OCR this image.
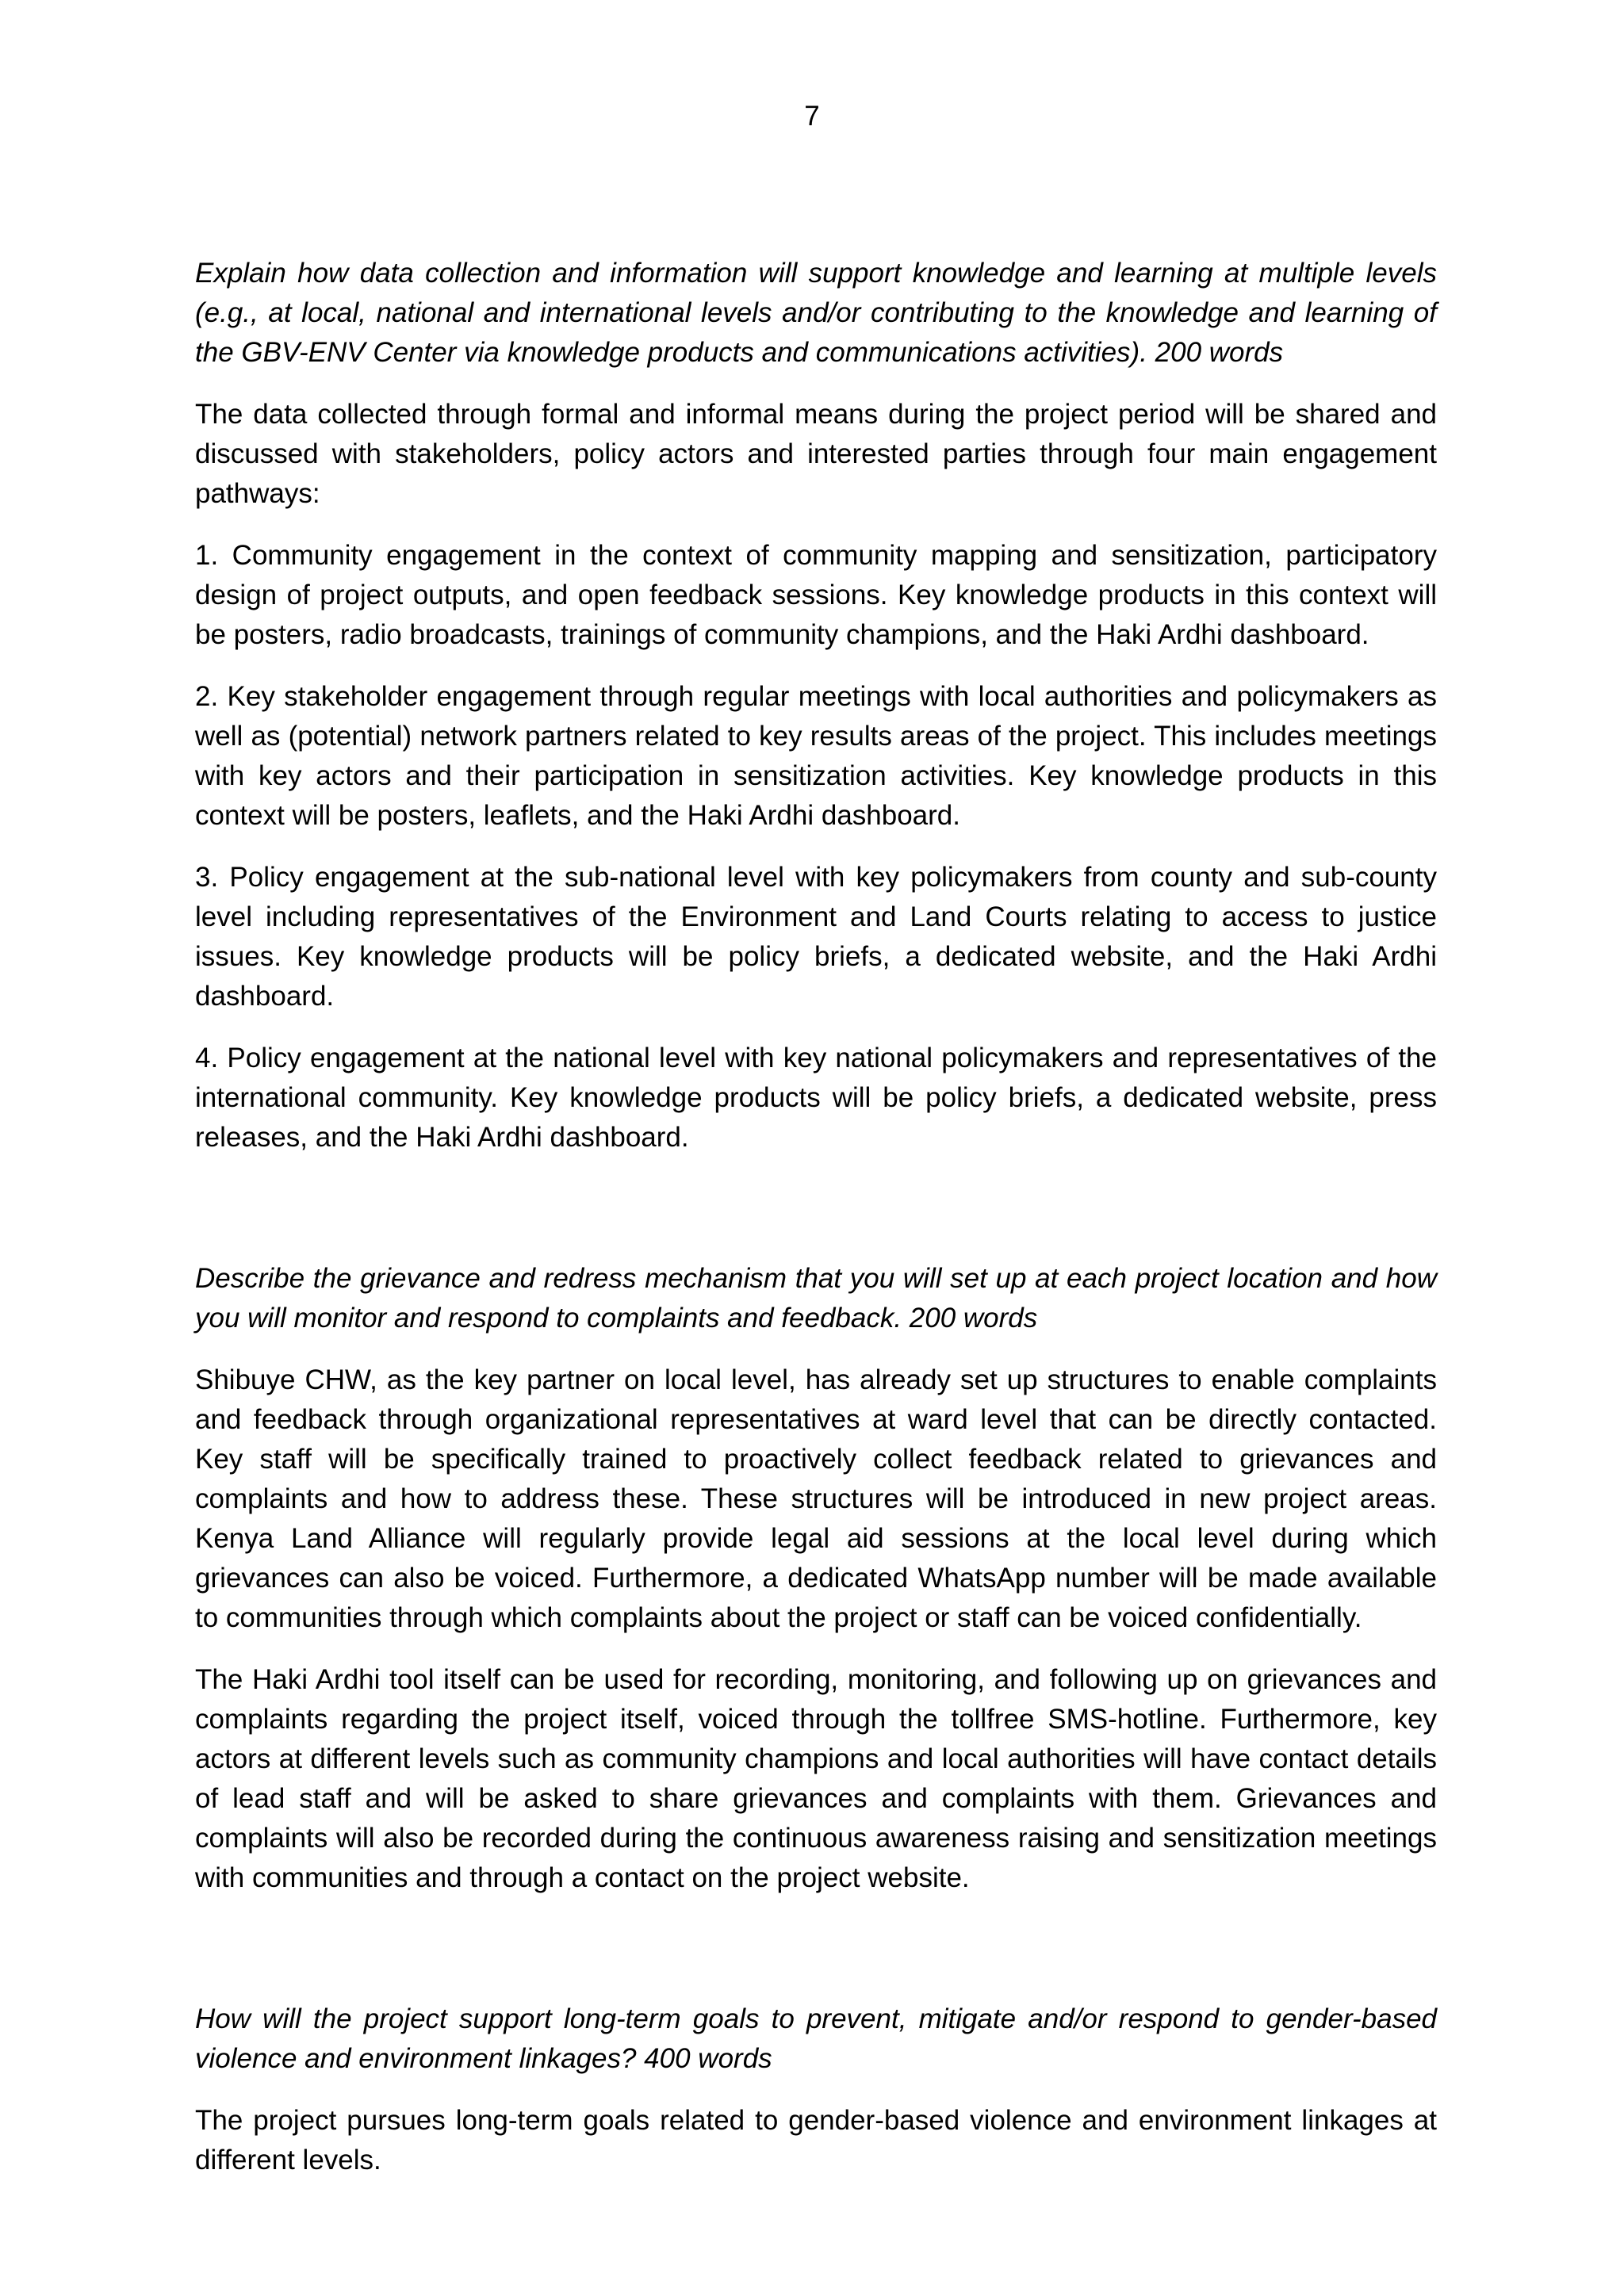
7

Explain how data collection and information will support knowledge and learning at multiple levels (e.g., at local, national and international levels and/or contributing to the knowledge and learning of the GBV-ENV Center via knowledge products and communications activities). 200 words

The data collected through formal and informal means during the project period will be shared and discussed with stakeholders, policy actors and interested parties through four main engagement pathways:

1. Community engagement in the context of community mapping and sensitization, participatory design of project outputs, and open feedback sessions. Key knowledge products in this context will be posters, radio broadcasts, trainings of community champions, and the Haki Ardhi dashboard.

2. Key stakeholder engagement through regular meetings with local authorities and policymakers as well as (potential) network partners related to key results areas of the project. This includes meetings with key actors and their participation in sensitization activities. Key knowledge products in this context will be posters, leaflets, and the Haki Ardhi dashboard.

3. Policy engagement at the sub-national level with key policymakers from county and sub-county level including representatives of the Environment and Land Courts relating to access to justice issues. Key knowledge products will be policy briefs, a dedicated website, and the Haki Ardhi dashboard.

4. Policy engagement at the national level with key national policymakers and representatives of the international community. Key knowledge products will be policy briefs, a dedicated website, press releases, and the Haki Ardhi dashboard.

Describe the grievance and redress mechanism that you will set up at each project location and how you will monitor and respond to complaints and feedback. 200 words

Shibuye CHW, as the key partner on local level, has already set up structures to enable complaints and feedback through organizational representatives at ward level that can be directly contacted. Key staff will be specifically trained to proactively collect feedback related to grievances and complaints and how to address these. These structures will be introduced in new project areas. Kenya Land Alliance will regularly provide legal aid sessions at the local level during which grievances can also be voiced. Furthermore, a dedicated WhatsApp number will be made available to communities through which complaints about the project or staff can be voiced confidentially.

The Haki Ardhi tool itself can be used for recording, monitoring, and following up on grievances and complaints regarding the project itself, voiced through the tollfree SMS-hotline. Furthermore, key actors at different levels such as community champions and local authorities will have contact details of lead staff and will be asked to share grievances and complaints with them. Grievances and complaints will also be recorded during the continuous awareness raising and sensitization meetings with communities and through a contact on the project website.

How will the project support long-term goals to prevent, mitigate and/or respond to gender-based violence and environment linkages? 400 words

The project pursues long-term goals related to gender-based violence and environment linkages at different levels.
